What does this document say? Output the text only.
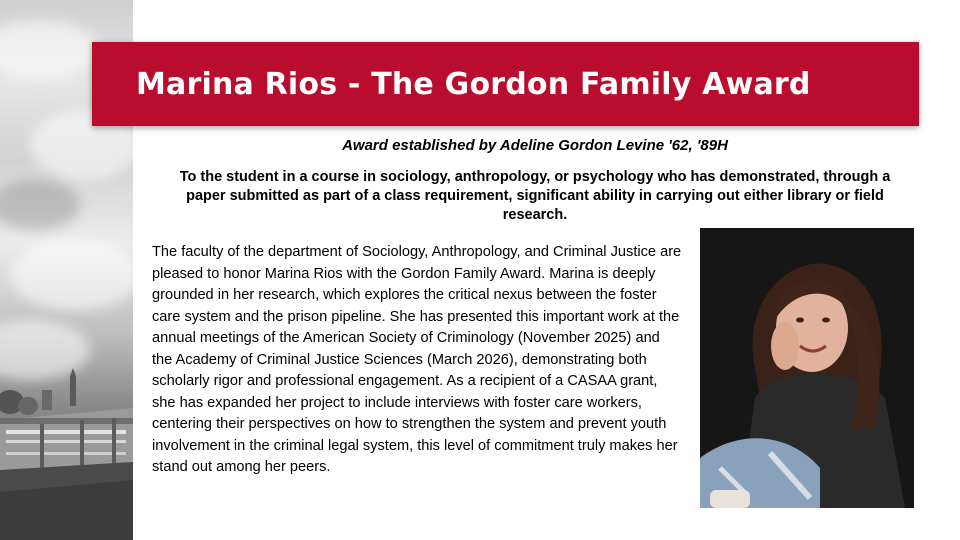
Marina Rios - The Gordon Family Award
Award established by Adeline Gordon Levine '62, '89H
To the student in a course in sociology, anthropology, or psychology who has demonstrated, through a paper submitted as part of a class requirement, significant ability in carrying out either library or field research.
The faculty of the department of Sociology, Anthropology, and Criminal Justice are pleased to honor Marina Rios with the Gordon Family Award. Marina is deeply grounded in her research, which explores the critical nexus between the foster care system and the prison pipeline. She has presented this important work at the annual meetings of the American Society of Criminology (November 2025) and the Academy of Criminal Justice Sciences (March 2026), demonstrating both scholarly rigor and professional engagement. As a recipient of a CASAA grant, she has expanded her project to include interviews with foster care workers, centering their perspectives on how to strengthen the system and prevent youth involvement in the criminal legal system, this level of commitment truly makes her stand out among her peers.
